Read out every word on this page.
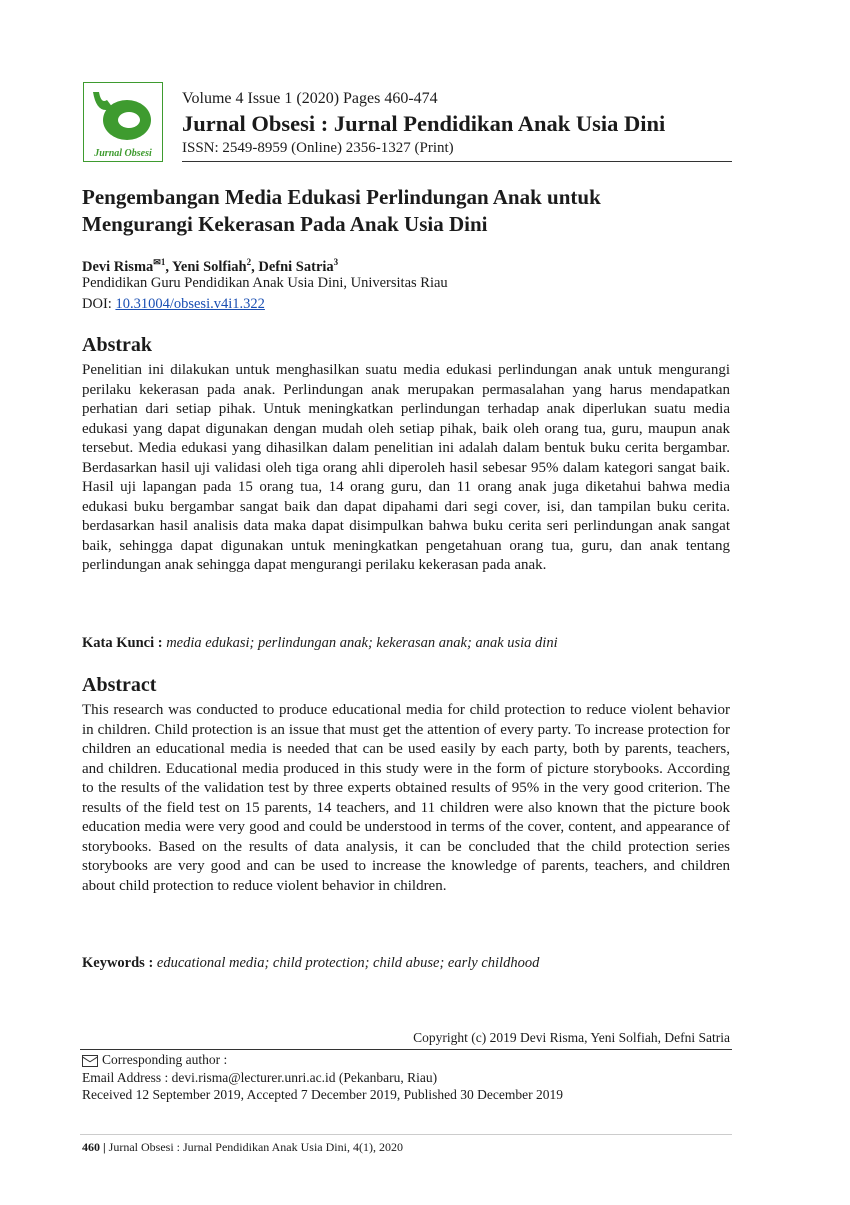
Jurnal Obsesi
Volume 4 Issue 1 (2020) Pages 460-474
Jurnal Obsesi : Jurnal Pendidikan Anak Usia Dini
ISSN: 2549-8959 (Online) 2356-1327 (Print)
Pengembangan Media Edukasi Perlindungan Anak untuk
Mengurangi Kekerasan Pada Anak Usia Dini
Devi Risma$^{✉1}$, Yeni Solfiah$^2$, Defni Satria$^3$
Pendidikan Guru Pendidikan Anak Usia Dini, Universitas Riau
DOI: 10.31004/obsesi.v4i1.322
Abstrak
Penelitian ini dilakukan untuk menghasilkan suatu media edukasi perlindungan anak untuk mengurangi perilaku kekerasan pada anak. Perlindungan anak merupakan permasalahan yang harus mendapatkan perhatian dari setiap pihak. Untuk meningkatkan perlindungan terhadap anak diperlukan suatu media edukasi yang dapat digunakan dengan mudah oleh setiap pihak, baik oleh orang tua, guru, maupun anak tersebut. Media edukasi yang dihasilkan dalam penelitian ini adalah dalam bentuk buku cerita bergambar. Berdasarkan hasil uji validasi oleh tiga orang ahli diperoleh hasil sebesar 95% dalam kategori sangat baik. Hasil uji lapangan pada 15 orang tua, 14 orang guru, dan 11 orang anak juga diketahui bahwa media edukasi buku bergambar sangat baik dan dapat dipahami dari segi cover, isi, dan tampilan buku cerita. berdasarkan hasil analisis data maka dapat disimpulkan bahwa buku cerita seri perlindungan anak sangat baik, sehingga dapat digunakan untuk meningkatkan pengetahuan orang tua, guru, dan anak tentang perlindungan anak sehingga dapat mengurangi perilaku kekerasan pada anak.
Kata Kunci : media edukasi; perlindungan anak; kekerasan anak; anak usia dini
Abstract
This research was conducted to produce educational media for child protection to reduce violent behavior in children. Child protection is an issue that must get the attention of every party. To increase protection for children an educational media is needed that can be used easily by each party, both by parents, teachers, and children. Educational media produced in this study were in the form of picture storybooks. According to the results of the validation test by three experts obtained results of 95% in the very good criterion. The results of the field test on 15 parents, 14 teachers, and 11 children were also known that the picture book education media were very good and could be understood in terms of the cover, content, and appearance of storybooks. Based on the results of data analysis, it can be concluded that the child protection series storybooks are very good and can be used to increase the knowledge of parents, teachers, and children about child protection to reduce violent behavior in children.
Keywords : educational media; child protection; child abuse; early childhood
Copyright (c) 2019 Devi Risma, Yeni Solfiah, Defni Satria
Corresponding author :
Email Address : devi.risma@lecturer.unri.ac.id (Pekanbaru, Riau)
Received 12 September 2019, Accepted 7 December 2019, Published 30 December 2019
460 | Jurnal Obsesi : Jurnal Pendidikan Anak Usia Dini, 4(1), 2020
